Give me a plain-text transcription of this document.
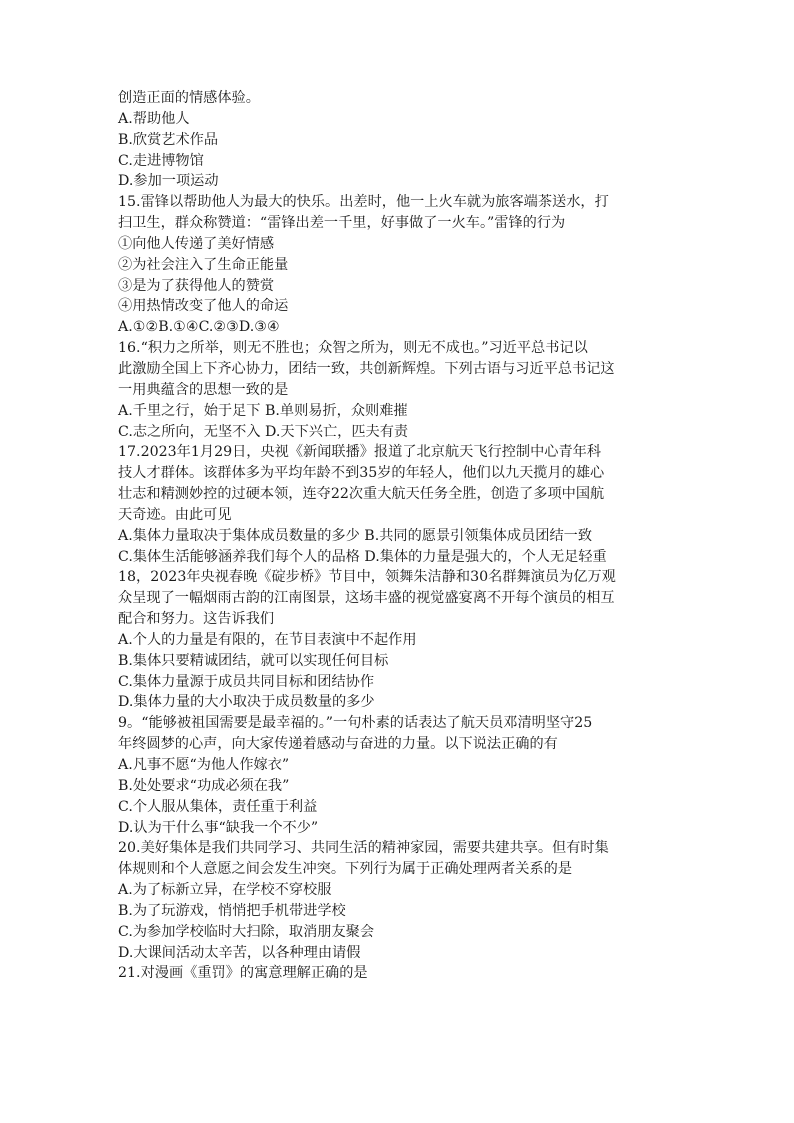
创造正面的情感体验。
A.帮助他人
B.欣赏艺术作品
C.走进博物馆
D.参加一项运动
15.雷锋以帮助他人为最大的快乐。出差时，他一上火车就为旅客端茶送水，打
扫卫生，群众称赞道：“雷锋出差一千里，好事做了一火车。”雷锋的行为
①向他人传递了美好情感
②为社会注入了生命正能量
③是为了获得他人的赞赏
④用热情改变了他人的命运
A.①②B.①④C.②③D.③④
16.“积力之所举，则无不胜也；众智之所为，则无不成也。”习近平总书记以
此激励全国上下齐心协力，团结一致，共创新辉煌。下列古语与习近平总书记这
一用典蕴含的思想一致的是
A.千里之行，始于足下 B.单则易折，众则难摧
C.志之所向，无坚不入 D.天下兴亡，匹夫有责
17.2023年1月29日，央视《新闻联播》报道了北京航天飞行控制中心青年科
技人才群体。该群体多为平均年龄不到35岁的年轻人，他们以九天揽月的雄心
壮志和精测妙控的过硬本领，连夺22次重大航天任务全胜，创造了多项中国航
天奇迹。由此可见
A.集体力量取决于集体成员数量的多少 B.共同的愿景引领集体成员团结一致
C.集体生活能够涵养我们每个人的品格 D.集体的力量是强大的，个人无足轻重
18，2023年央视春晚《碇步桥》节目中，领舞朱洁静和30名群舞演员为亿万观
众呈现了一幅烟雨古韵的江南图景，这场丰盛的视觉盛宴离不开每个演员的相互
配合和努力。这告诉我们
A.个人的力量是有限的，在节目表演中不起作用
B.集体只要精诚团结，就可以实现任何目标
C.集体力量源于成员共同目标和团结协作
D.集体力量的大小取决于成员数量的多少
9。“能够被祖国需要是最幸福的。”一句朴素的话表达了航天员邓清明坚守25
年终圆梦的心声，向大家传递着感动与奋进的力量。以下说法正确的有
A.凡事不愿“为他人作嫁衣”
B.处处要求“功成必须在我”
C.个人服从集体，责任重于利益
D.认为干什么事“缺我一个不少”
20.美好集体是我们共同学习、共同生活的精神家园，需要共建共享。但有时集
体规则和个人意愿之间会发生冲突。下列行为属于正确处理两者关系的是
A.为了标新立异，在学校不穿校服
B.为了玩游戏，悄悄把手机带进学校
C.为参加学校临时大扫除，取消朋友聚会
D.大课间活动太辛苦，以各种理由请假
21.对漫画《重罚》的寓意理解正确的是
